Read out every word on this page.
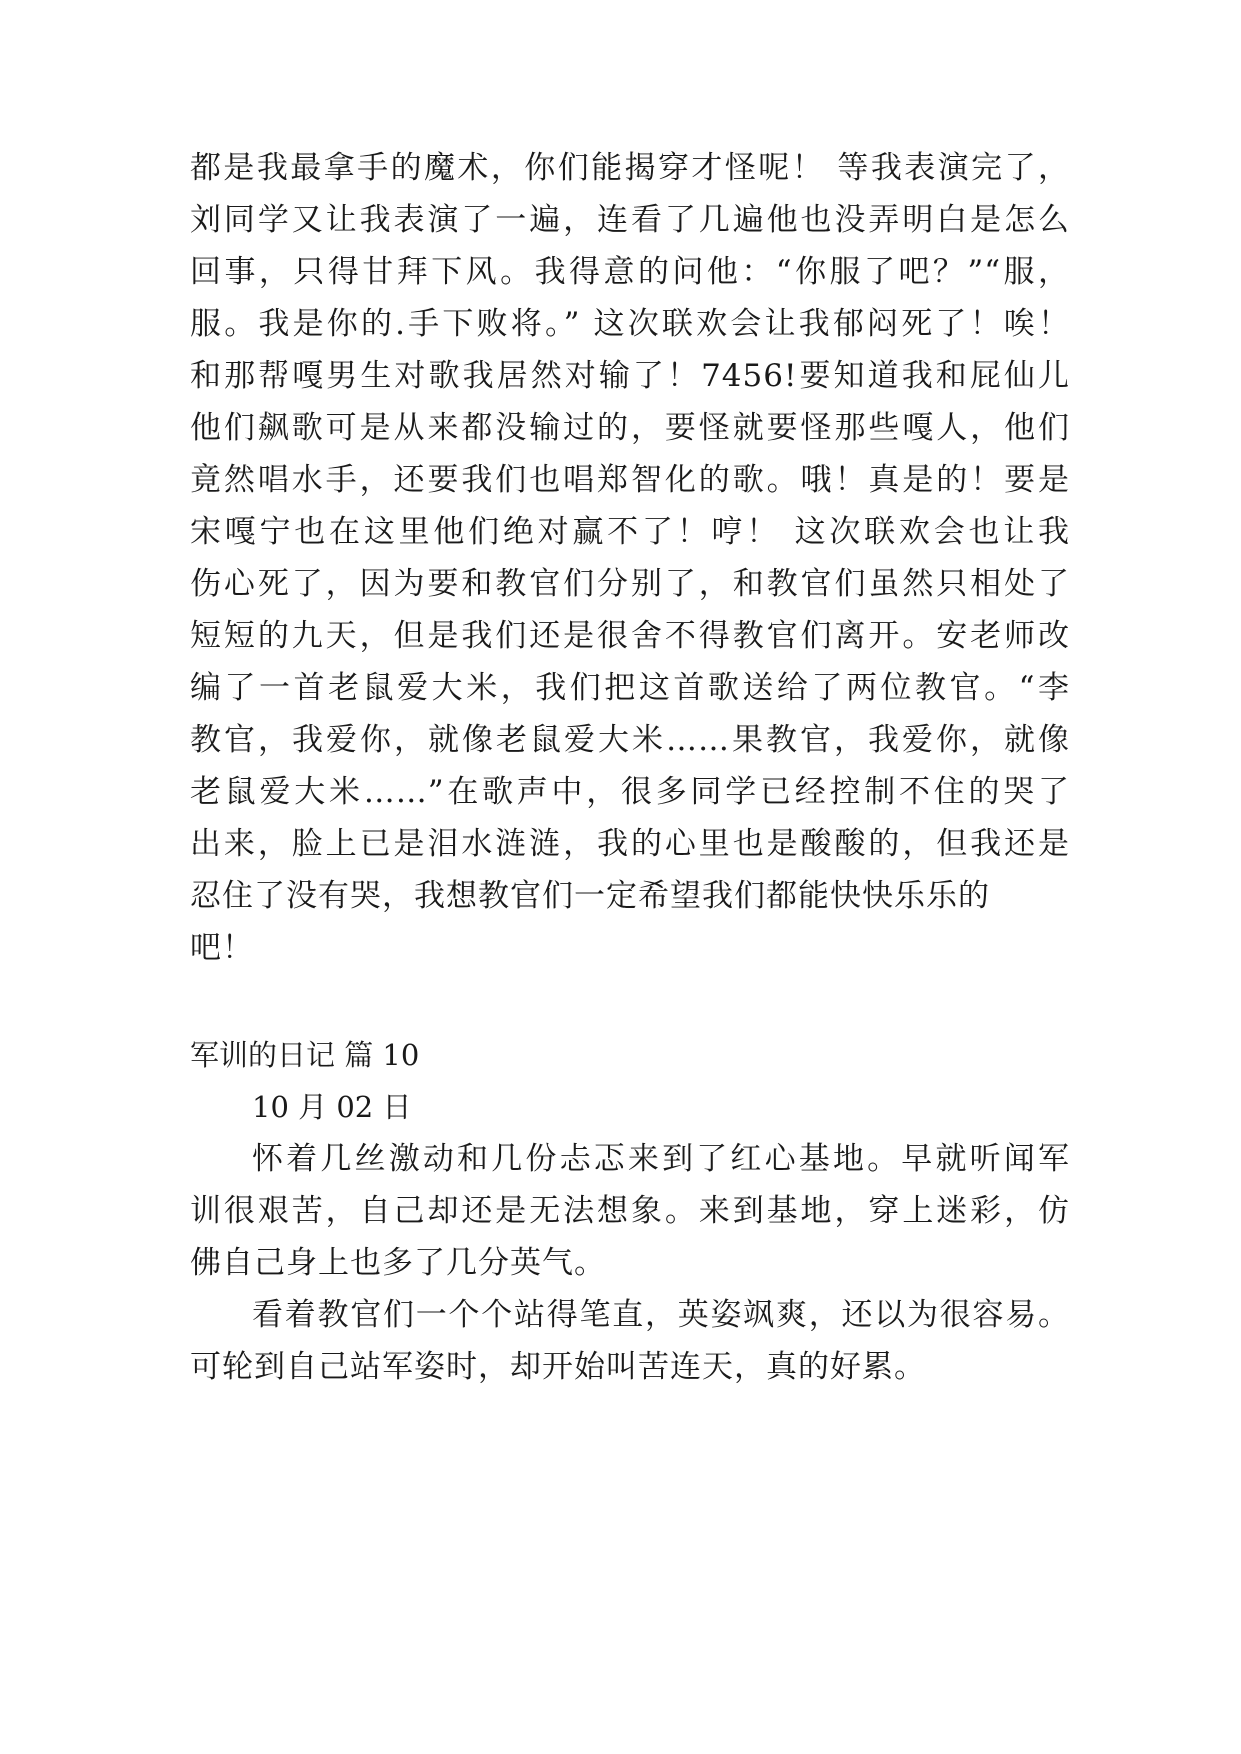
都是我最拿手的魔术，你们能揭穿才怪呢！ 等我表演完了，
刘同学又让我表演了一遍，连看了几遍他也没弄明白是怎么
回事，只得甘拜下风。我得意的问他：“你服了吧？”“服，
服。我是你的.手下败将。” 这次联欢会让我郁闷死了！唉！
和那帮嘎男生对歌我居然对输了！7456!要知道我和屁仙儿
他们飙歌可是从来都没输过的，要怪就要怪那些嘎人，他们
竟然唱水手，还要我们也唱郑智化的歌。哦！真是的！要是
宋嘎宁也在这里他们绝对赢不了！哼！ 这次联欢会也让我
伤心死了，因为要和教官们分别了，和教官们虽然只相处了
短短的九天，但是我们还是很舍不得教官们离开。安老师改
编了一首老鼠爱大米，我们把这首歌送给了两位教官。“李
教官，我爱你，就像老鼠爱大米……果教官，我爱你，就像
老鼠爱大米……”在歌声中，很多同学已经控制不住的哭了
出来，脸上已是泪水涟涟，我的心里也是酸酸的，但我还是
忍住了没有哭，我想教官们一定希望我们都能快快乐乐的
吧！
军训的日记 篇 10
10 月 02 日
怀着几丝激动和几份忐忑来到了红心基地。早就听闻军
训很艰苦，自己却还是无法想象。来到基地，穿上迷彩，仿
佛自己身上也多了几分英气。
看着教官们一个个站得笔直，英姿飒爽，还以为很容易。
可轮到自己站军姿时，却开始叫苦连天，真的好累。
